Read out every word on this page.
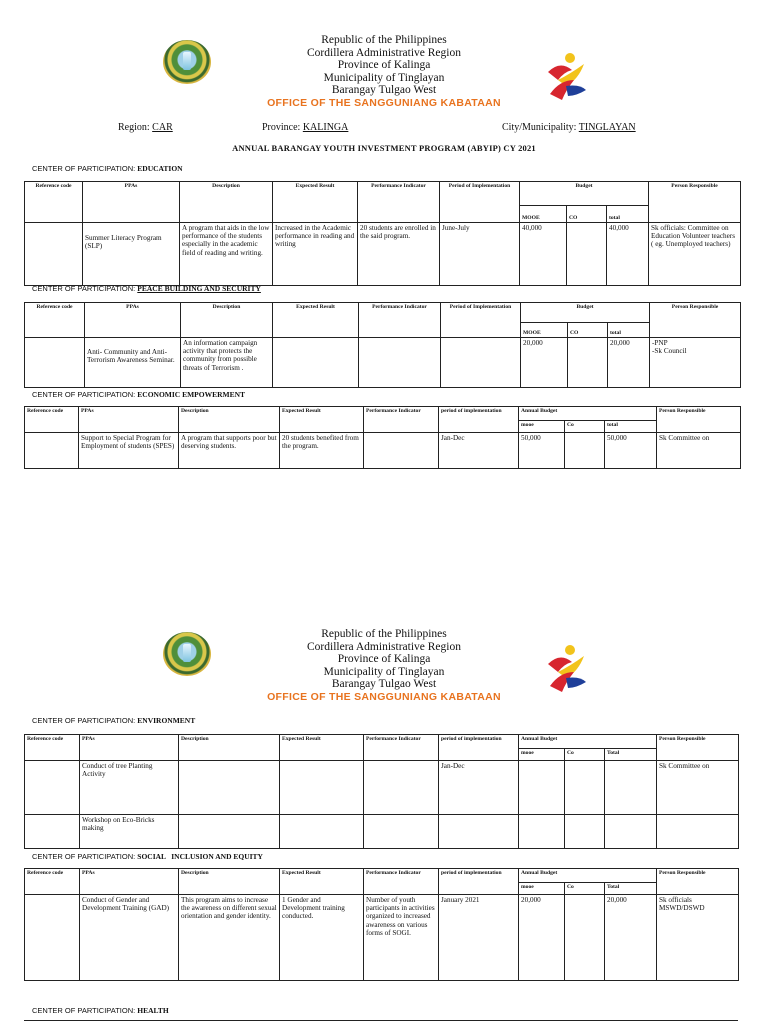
Republic of the Philippines
Cordillera Administrative Region
Province of Kalinga
Municipality of Tinglayan
Barangay Tulgao West
OFFICE OF THE SANGGUNIANG KABATAAN
Region: CAR	Province: KALINGA	City/Municipality: TINGLAYAN
ANNUAL BARANGAY YOUTH INVESTMENT PROGRAM (ABYIP) CY 2021
CENTER OF PARTICIPATION: EDUCATION
Reference code	PPAs	Description	Expected Result	Performance Indicator	Period of Implementation	Budget			Person Responsible
						MOOE	CO	total	
	Summer Literacy Program (SLP)	A program that aids in the low performance of the students especially in the academic field of reading and writing.	Increased in the Academic performance in reading and writing	20 students are enrolled in the said program.	June-July	40,000		40,000	Sk officials: Committee on Education Volunteer teachers ( eg. Unemployed teachers)
CENTER OF PARTICIPATION: PEACE BUILDING AND SECURITY
Reference code	PPAs	Description	Expected Result	Performance Indicator	Period of Implementation	Budget			Person Responsible
						MOOE	CO	total	
	Anti- Community and Anti-Terrorism Awareness Seminar.	An information campaign activity that protects the community from possible threats of Terrorism .				20,000		20,000	-PNP
-Sk Council
CENTER OF PARTICIPATION: ECONOMIC EMPOWERMENT
Reference code	PPAs	Description	Expected Result	Performance Indicator	period of implementation	Annual Budget			Person Responsible
						mooe	Co	total	
	Support to Special Program for Employment of students (SPES)	A program that supports poor but deserving students.	20 students benefited from the program.		Jan-Dec	50,000		50,000	Sk Committee on
Republic of the Philippines
Cordillera Administrative Region
Province of Kalinga
Municipality of Tinglayan
Barangay Tulgao West
OFFICE OF THE SANGGUNIANG KABATAAN
CENTER OF PARTICIPATION: ENVIRONMENT
Reference code	PPAs	Description	Expected Result	Performance Indicator	period of implementation	Annual Budget			Person Responsible
						mooe	Co	Total	
	Conduct of tree Planting Activity				Jan-Dec				Sk Committee on
	Workshop on Eco-Bricks making								
CENTER OF PARTICIPATION: SOCIAL   INCLUSION AND EQUITY
Reference code	PPAs	Description	Expected Result	Performance Indicator	period of implementation	Annual Budget			Person Responsible
						mooe	Co	Total	
	Conduct of Gender and Development Training (GAD)	This program aims to increase the awareness on different sexual orientation and gender identity.	1 Gender and Development training conducted.	Number of youth participants in activities organized to increased awareness on various forms of SOGI.	January 2021	20,000		20,000	Sk officials MSWD/DSWD
CENTER OF PARTICIPATION: HEALTH
